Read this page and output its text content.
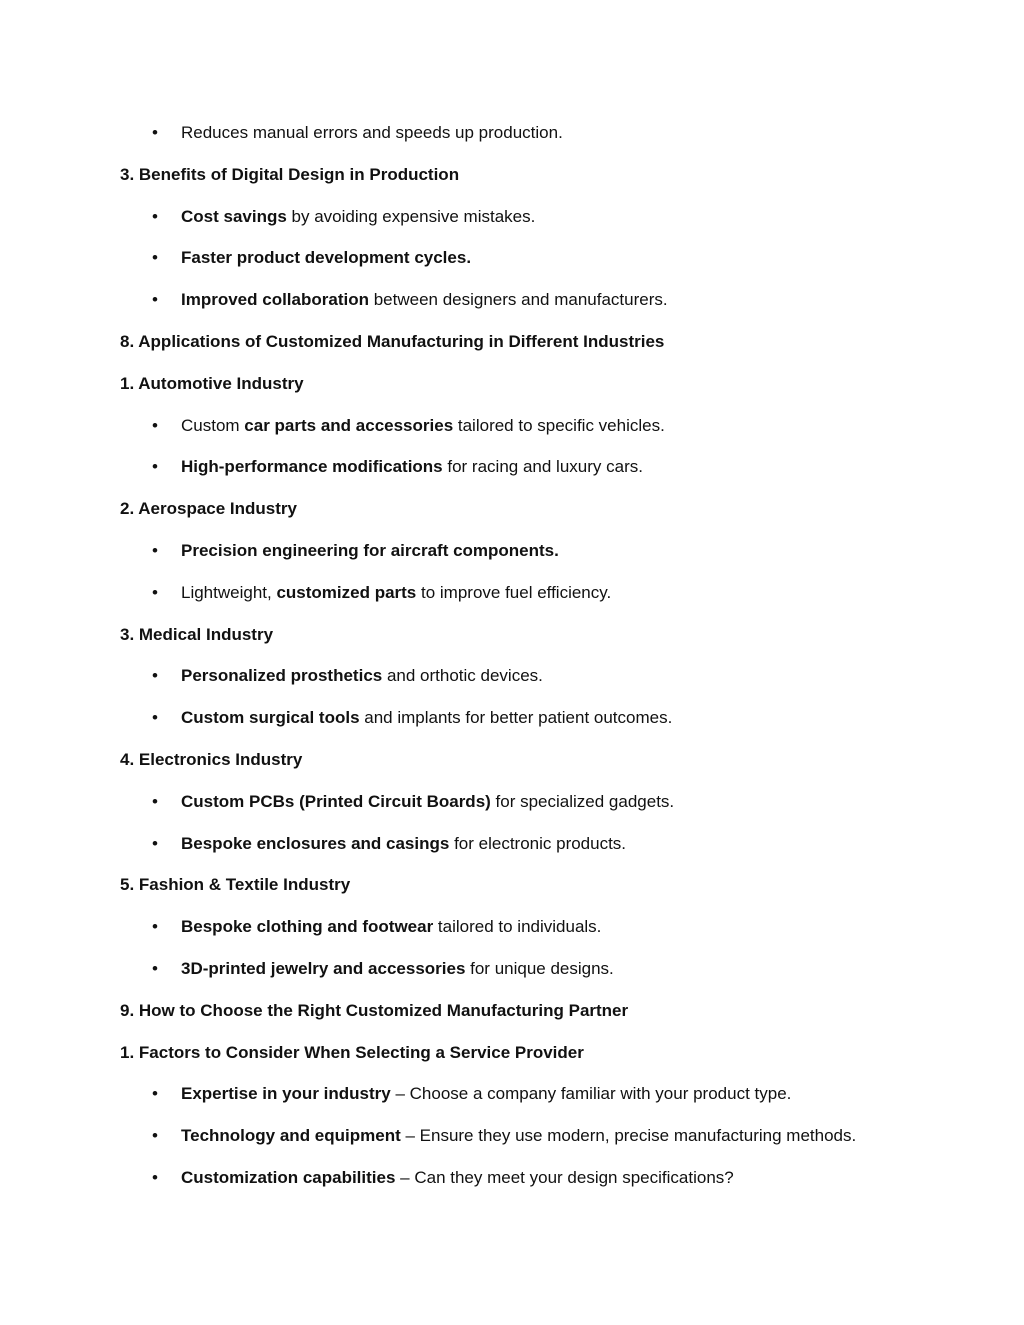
• Reduces manual errors and speeds up production.
3. Benefits of Digital Design in Production
• Cost savings by avoiding expensive mistakes.
• Faster product development cycles.
• Improved collaboration between designers and manufacturers.
8. Applications of Customized Manufacturing in Different Industries
1. Automotive Industry
• Custom car parts and accessories tailored to specific vehicles.
• High-performance modifications for racing and luxury cars.
2. Aerospace Industry
• Precision engineering for aircraft components.
• Lightweight, customized parts to improve fuel efficiency.
3. Medical Industry
• Personalized prosthetics and orthotic devices.
• Custom surgical tools and implants for better patient outcomes.
4. Electronics Industry
• Custom PCBs (Printed Circuit Boards) for specialized gadgets.
• Bespoke enclosures and casings for electronic products.
5. Fashion & Textile Industry
• Bespoke clothing and footwear tailored to individuals.
• 3D-printed jewelry and accessories for unique designs.
9. How to Choose the Right Customized Manufacturing Partner
1. Factors to Consider When Selecting a Service Provider
• Expertise in your industry – Choose a company familiar with your product type.
• Technology and equipment – Ensure they use modern, precise manufacturing methods.
• Customization capabilities – Can they meet your design specifications?
